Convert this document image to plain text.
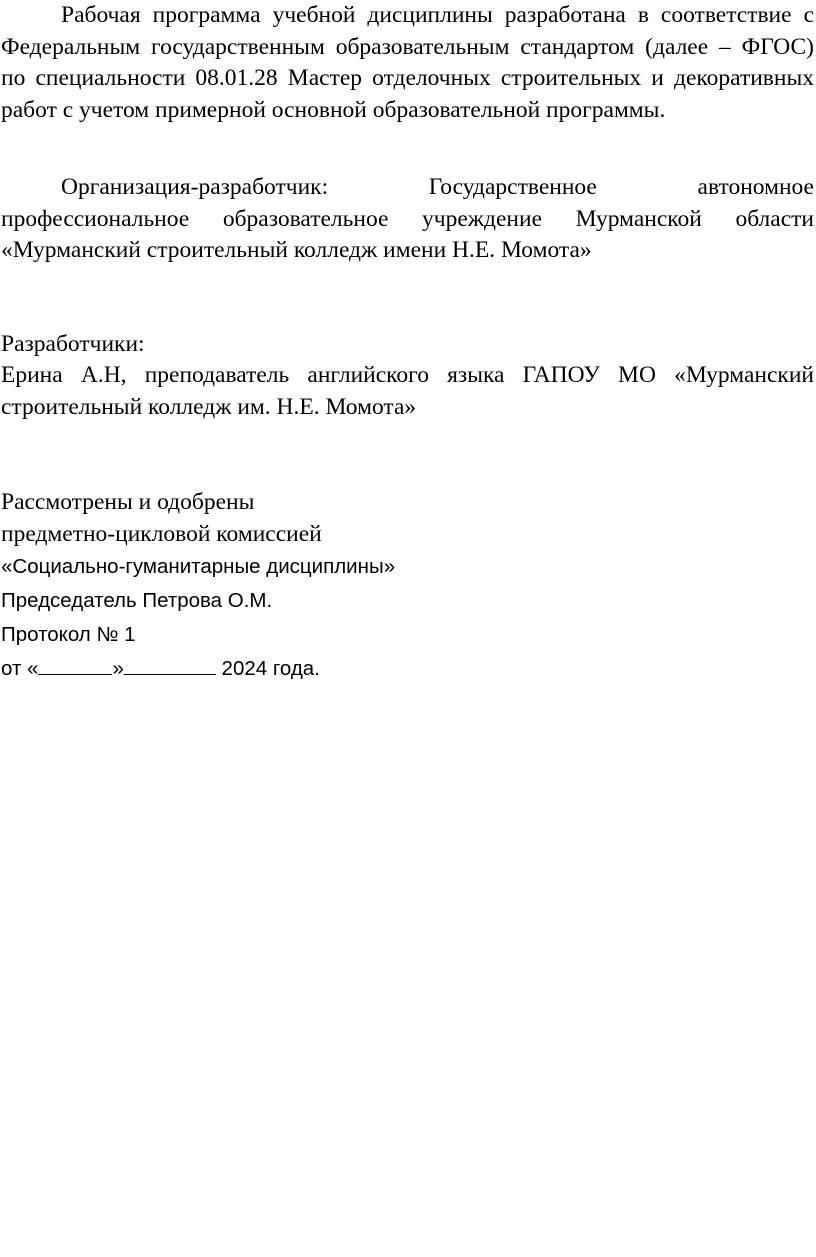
Рабочая программа учебной дисциплины разработана в соответствие с Федеральным государственным образовательным стандартом (далее – ФГОС) по специальности 08.01.28 Мастер отделочных строительных и декоративных работ с учетом примерной основной образовательной программы.

Организация-разработчик: Государственное автономное профессиональное образовательное учреждение Мурманской области «Мурманский строительный колледж имени Н.Е. Момота»

Разработчики:

Ерина А.Н, преподаватель английского языка ГАПОУ МО «Мурманский строительный колледж им. Н.Е. Момота»

Рассмотрены и одобрены
предметно-цикловой комиссией
«Социально-гуманитарные дисциплины»
Председатель Петрова О.М.
Протокол № 1
от «	»	2024 года.
